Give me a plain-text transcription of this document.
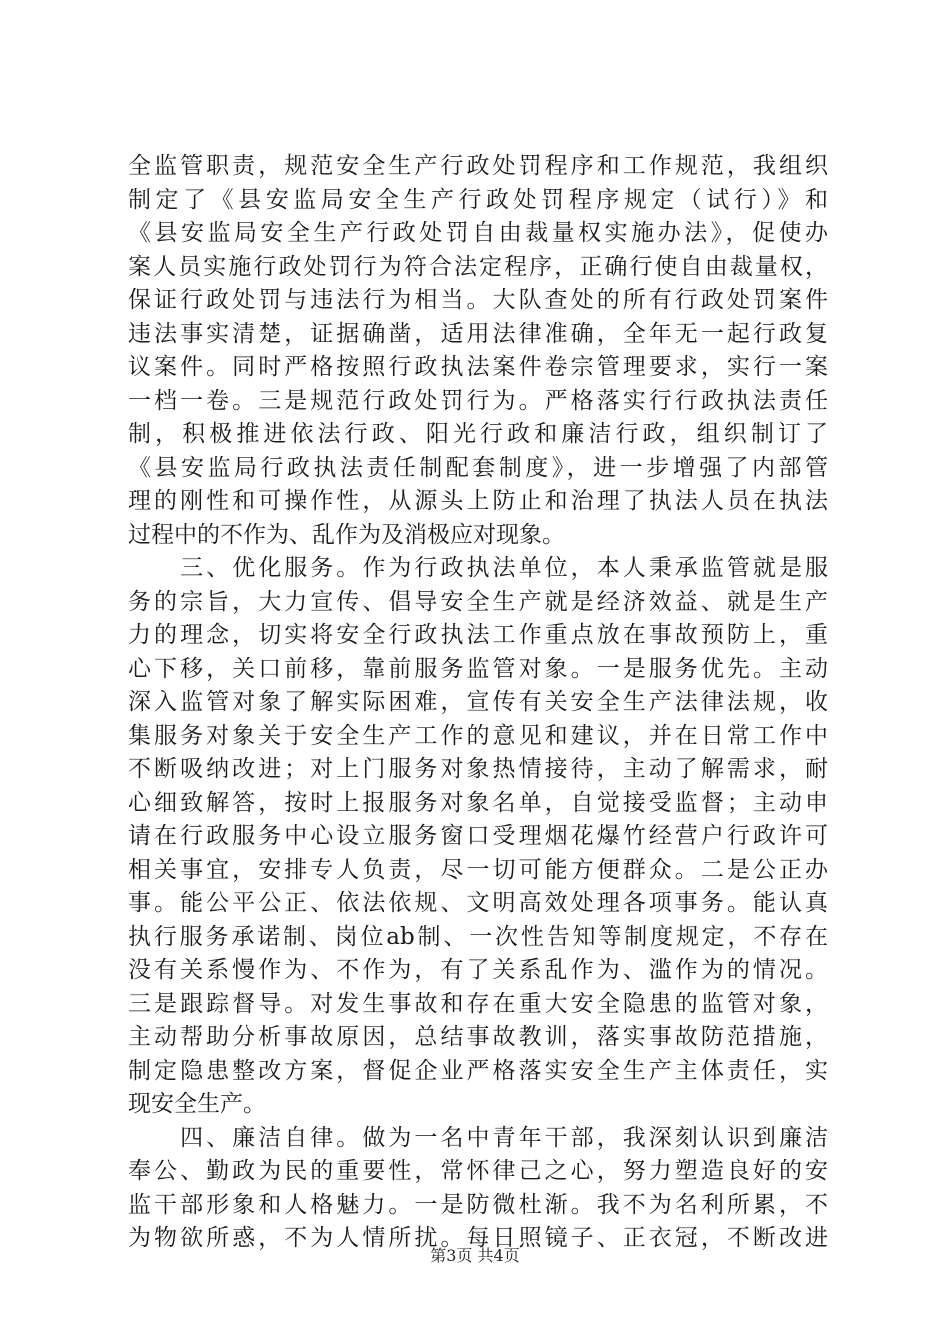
全监管职责，规范安全生产行政处罚程序和工作规范，我组织
制定了《县安监局安全生产行政处罚程序规定（试行）》和
《县安监局安全生产行政处罚自由裁量权实施办法》，促使办
案人员实施行政处罚行为符合法定程序，正确行使自由裁量权，
保证行政处罚与违法行为相当。大队查处的所有行政处罚案件
违法事实清楚，证据确凿，适用法律准确，全年无一起行政复
议案件。同时严格按照行政执法案件卷宗管理要求，实行一案
一档一卷。三是规范行政处罚行为。严格落实行行政执法责任
制，积极推进依法行政、阳光行政和廉洁行政，组织制订了
《县安监局行政执法责任制配套制度》，进一步增强了内部管
理的刚性和可操作性，从源头上防止和治理了执法人员在执法
过程中的不作为、乱作为及消极应对现象。
　　三、优化服务。作为行政执法单位，本人秉承监管就是服
务的宗旨，大力宣传、倡导安全生产就是经济效益、就是生产
力的理念，切实将安全行政执法工作重点放在事故预防上，重
心下移，关口前移，靠前服务监管对象。一是服务优先。主动
深入监管对象了解实际困难，宣传有关安全生产法律法规，收
集服务对象关于安全生产工作的意见和建议，并在日常工作中
不断吸纳改进；对上门服务对象热情接待，主动了解需求，耐
心细致解答，按时上报服务对象名单，自觉接受监督；主动申
请在行政服务中心设立服务窗口受理烟花爆竹经营户行政许可
相关事宜，安排专人负责，尽一切可能方便群众。二是公正办
事。能公平公正、依法依规、文明高效处理各项事务。能认真
执行服务承诺制、岗位ab制、一次性告知等制度规定，不存在
没有关系慢作为、不作为，有了关系乱作为、滥作为的情况。
三是跟踪督导。对发生事故和存在重大安全隐患的监管对象，
主动帮助分析事故原因，总结事故教训，落实事故防范措施，
制定隐患整改方案，督促企业严格落实安全生产主体责任，实
现安全生产。
　　四、廉洁自律。做为一名中青年干部，我深刻认识到廉洁
奉公、勤政为民的重要性，常怀律己之心，努力塑造良好的安
监干部形象和人格魅力。一是防微杜渐。我不为名利所累，不
为物欲所惑，不为人情所扰。每日照镜子、正衣冠，不断改进
第3页 共4页
